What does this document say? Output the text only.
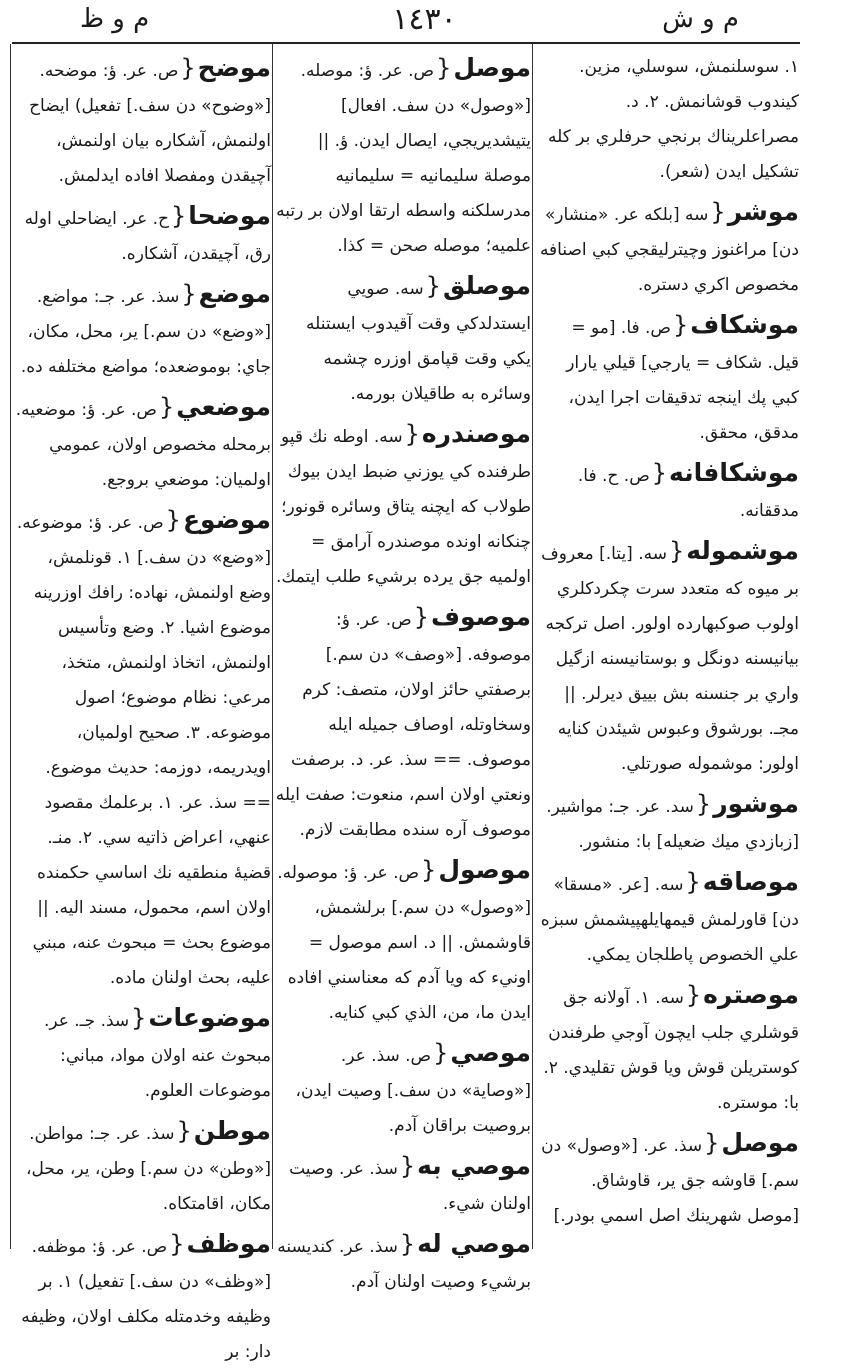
م و ش
١٤٣٠
م و ظ
١. سوسلنمش، سوسلي، مزين. كيندوب قوشانمش. ٢. د. مصراعلريناك برنجي حرفلري بر كله تشكيل ايدن (شعر).
موشر{سه [بلكه عر. «منشار» دن] مراغنوز وچيترليقجي كبي اصنافه مخصوص اكري دستره.
موشكاف{ص. فا. [مو = قيل. شكاف = يارجي] قيلي يارار كبي پك اينجه تدقيقات اجرا ايدن، مدقق، محقق.
موشكافانه{ص. ح. فا. مدققانه.
موشموله{سه. [يتا.] معروف بر ميوه كه متعدد سرت چكردكلري اولوب صوكبهارده اولور. اصل تركجه بيانيسنه دونگل و بوستانيسنه ازگيل واري بر جنسنه بش بييق ديرلر. || مجـ. بورشوق وعبوس شيئدن كنايه اولور: موشموله صورتلي.
موشور{سد. عر. جـ: مواشير. [زبازدي ميك ضعيله] با: منشور.
موصاقه{سه. [عر. «مسقا» دن] قاورلمش قيمهايلهپيشمش سبزه علي الخصوص پاطلجان يمكي.
موصتره{سه. ١. آولانه جق قوشلري جلب ايچون آوجي طرفندن كوستريلن قوش ويا قوش تقليدي. ٢. با: موستره.
موصل{سذ. عر. [«وصول» دن سم.] قاوشه جق ير، قاوشاق. [موصل شهرينك اصل اسمي بودر.]
موصل{ص. عر. ؤ: موصله. [«وصول» دن سف. افعال] يتيشديريجي، ايصال ايدن. ؤ. || موصلة سليمانيه = سليمانيه مدرسلكنه واسطه ارتقا اولان بر رتبه علميه؛ موصله صحن = كذا.
موصلق{سه. صويي ايستدلدكي وقت آقيدوب ايستنله يكي وقت قپامق اوزره چشمه وسائره به طاقيلان بورمه.
موصندره{سه. اوطه نك قپو طرفنده كي يوزني ضبط ايدن بيوك طولاب كه ايچنه يتاق وسائره قونور؛ چنكانه اونده موصندره آرامق = اولميه جق يرده برشيء طلب ايتمك.
موصوف{ص. عر. ؤ: موصوفه. [«وصف» دن سم.] برصفتي حائز اولان، متصف: كرم وسخاوتله، اوصاف جميله ايله موصوف. == سذ. عر. د. برصفت ونعتي اولان اسم، منعوت: صفت ايله موصوف آره سنده مطابقت لازم.
موصول{ص. عر. ؤ: موصوله. [«وصول» دن سم.] برلشمش، قاوشمش. || د. اسم موصول = اونيء كه ويا آدم كه معناسني افاده ايدن ما، من، الذي كبي كنايه.
موصي{ص. سذ. عر. [«وصاية» دن سف.] وصيت ايدن، بروصيت براقان آدم.
موصي به{سذ. عر. وصيت اولنان شيء.
موصي له{سذ. عر. كنديسنه برشيء وصيت اولنان آدم.
موضح{ص. عر. ؤ: موضحه. [«وضوح» دن سف.] تفعيل) ايضاح اولنمش، آشكاره بيان اولنمش، آچيقدن ومفصلا افاده ايدلمش.
موضحا{ح. عر. ايضاحلي اوله رق، آچيقدن، آشكاره.
موضع{سذ. عر. جـ: مواضع. [«وضع» دن سم.] ير، محل، مكان، جاي: بوموضعده؛ مواضع مختلفه ده.
موضعي{ص. عر. ؤ: موضعيه. برمحله مخصوص اولان، عمومي اولميان: موضعي بروجع.
موضوع{ص. عر. ؤ: موضوعه. [«وضع» دن سف.] ١. قونلمش، وضع اولنمش، نهاده: رافك اوزرينه موضوع اشيا. ٢. وضع وتأسيس اولنمش، اتخاذ اولنمش، متخذ، مرعي: نظام موضوع؛ اصول موضوعه. ٣. صحيح اولميان، اويدريمه، دوزمه: حديث موضوع. == سذ. عر. ١. برعلمك مقصود عنهي، اعراض ذاتيه سي. ٢. منـ. قضيهٔ منطقيه نك اساسي حكمنده اولان اسم، محمول، مسند اليه. || موضوع بحث = مبحوث عنه، مبني عليه، بحث اولنان ماده.
موضوعات{سذ. جـ. عر. مبحوث عنه اولان مواد، مباني: موضوعات العلوم.
موطن{سذ. عر. جـ: مواطن. [«وطن» دن سم.] وطن، ير، محل، مكان، اقامتكاه.
موظف{ص. عر. ؤ: موظفه. [«وظف» دن سف.] تفعيل) ١. بر وظيفه وخدمتله مكلف اولان، وظيفه دار: بر
